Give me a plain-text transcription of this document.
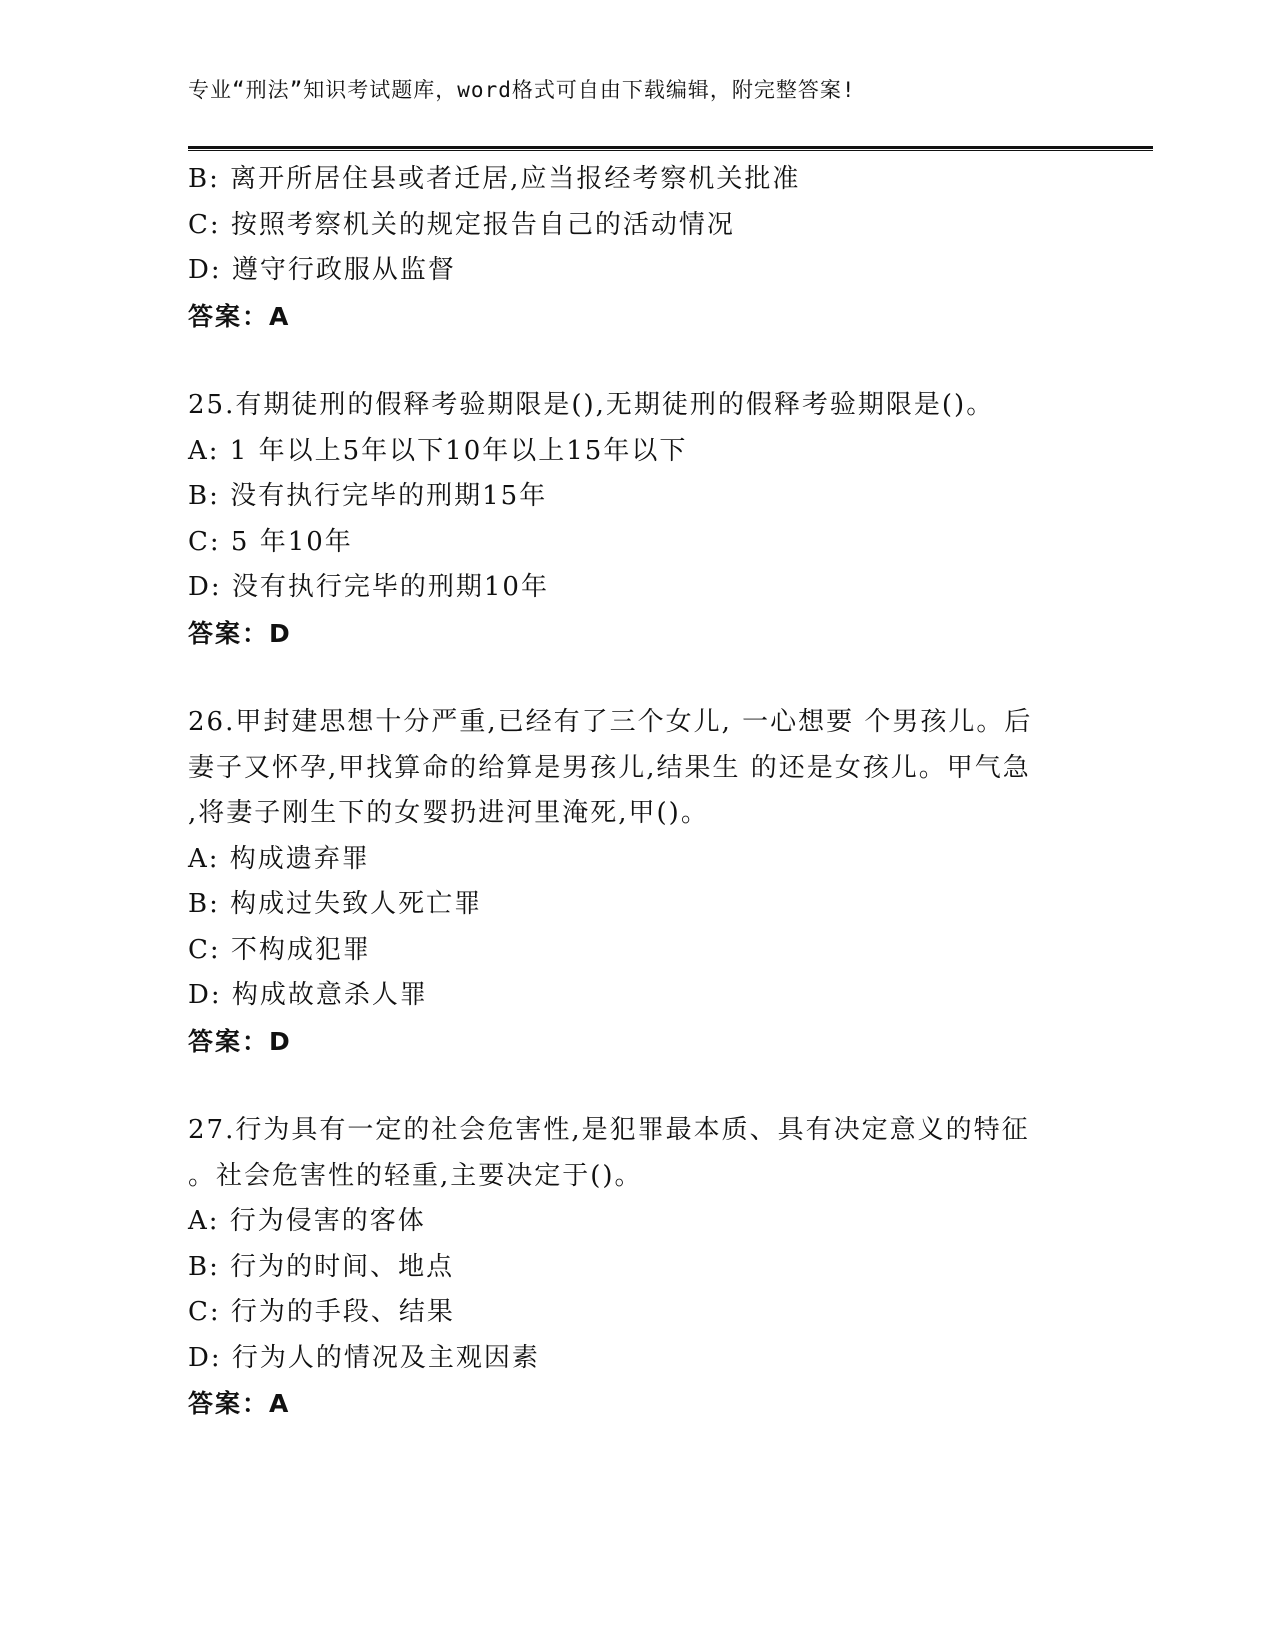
专业“刑法”知识考试题库，word格式可自由下载编辑，附完整答案!
B: 离开所居住县或者迁居,应当报经考察机关批准
C: 按照考察机关的规定报告自己的活动情况
D: 遵守行政服从监督
答案：A
25.有期徒刑的假释考验期限是(),无期徒刑的假释考验期限是()。
A: 1 年以上5年以下10年以上15年以下
B: 没有执行完毕的刑期15年
C: 5 年10年
D: 没有执行完毕的刑期10年
答案：D
26.甲封建思想十分严重,已经有了三个女儿, 一心想要 个男孩儿。后
妻子又怀孕,甲找算命的给算是男孩儿,结果生 的还是女孩儿。甲气急
,将妻子刚生下的女婴扔进河里淹死,甲()。
A: 构成遗弃罪
B: 构成过失致人死亡罪
C: 不构成犯罪
D: 构成故意杀人罪
答案：D
27.行为具有一定的社会危害性,是犯罪最本质、具有决定意义的特征
。社会危害性的轻重,主要决定于()。
A: 行为侵害的客体
B: 行为的时间、地点
C: 行为的手段、结果
D: 行为人的情况及主观因素
答案：A
